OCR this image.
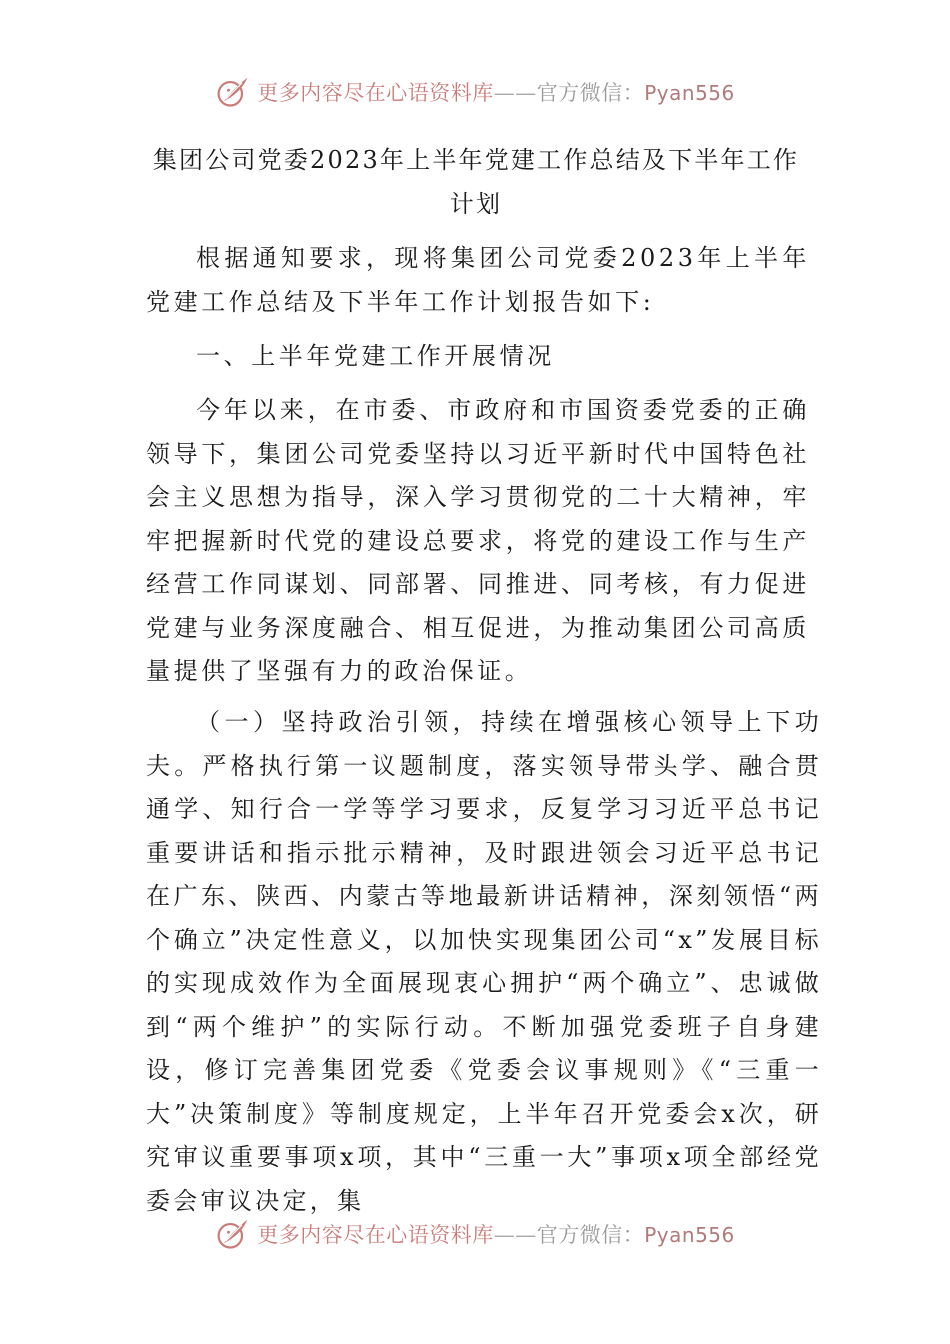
更多内容尽在心语资料库——官方微信：Pyan556
集团公司党委2023年上半年党建工作总结及下半年工作计划

根据通知要求，现将集团公司党委2023年上半年党建工作总结及下半年工作计划报告如下:

一、上半年党建工作开展情况

今年以来，在市委、市政府和市国资委党委的正确领导下，集团公司党委坚持以习近平新时代中国特色社会主义思想为指导，深入学习贯彻党的二十大精神，牢牢把握新时代党的建设总要求，将党的建设工作与生产经营工作同谋划、同部署、同推进、同考核，有力促进党建与业务深度融合、相互促进，为推动集团公司高质量提供了坚强有力的政治保证。

（一）坚持政治引领，持续在增强核心领导上下功夫。严格执行第一议题制度，落实领导带头学、融合贯通学、知行合一学等学习要求，反复学习习近平总书记重要讲话和指示批示精神，及时跟进领会习近平总书记在广东、陕西、内蒙古等地最新讲话精神，深刻领悟“两个确立”决定性意义，以加快实现集团公司“x”发展目标的实现成效作为全面展现衷心拥护“两个确立”、忠诚做到“两个维护”的实际行动。不断加强党委班子自身建设，修订完善集团党委《党委会议事规则》《“三重一大”决策制度》等制度规定，上半年召开党委会x次，研究审议重要事项x项，其中“三重一大”事项x项全部经党委会审议决定，集

更多内容尽在心语资料库——官方微信：Pyan556
